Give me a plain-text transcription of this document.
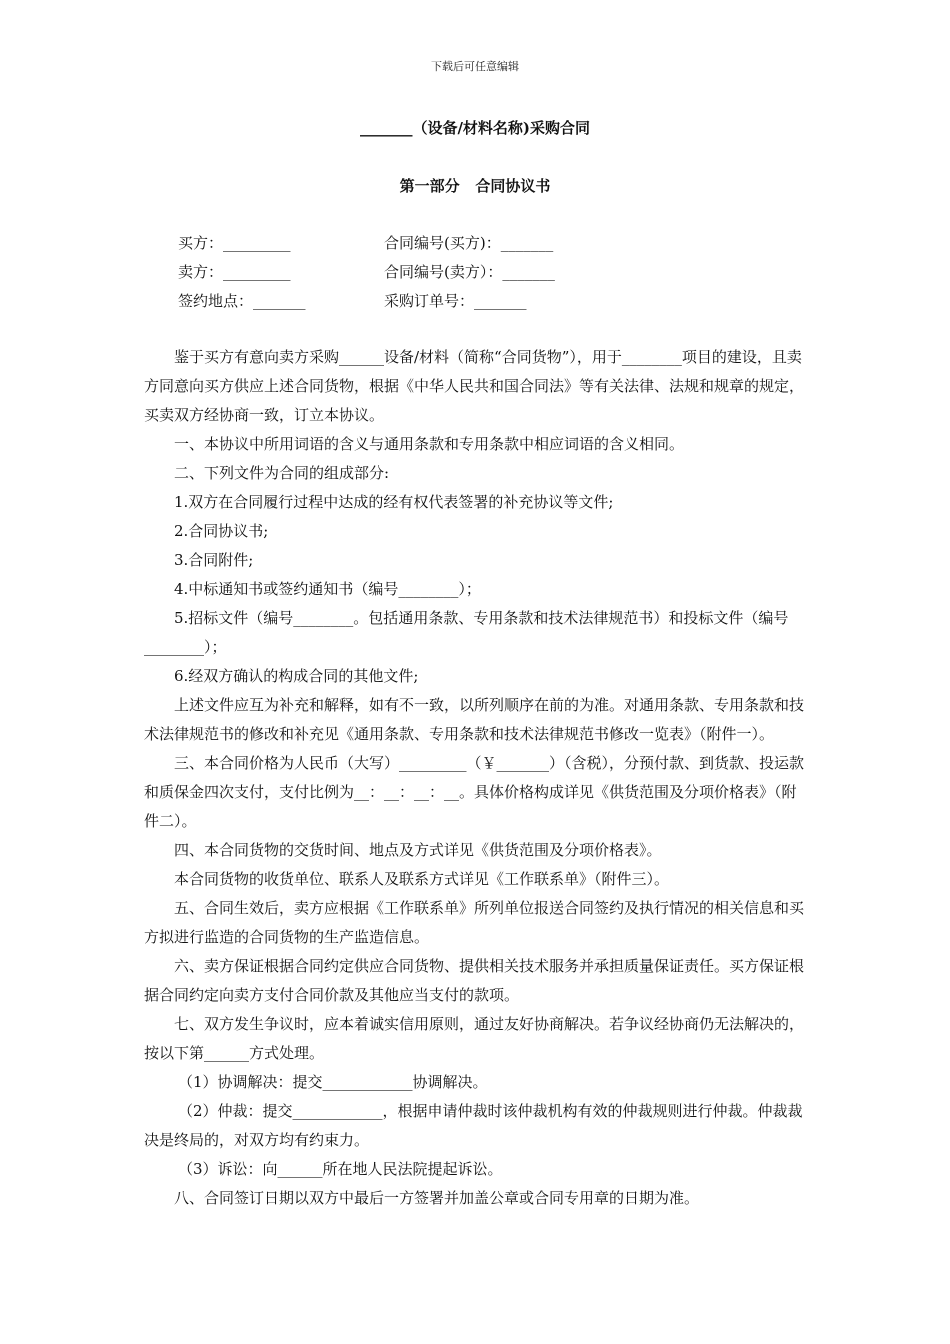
下载后可任意编辑
_______（设备/材料名称)采购合同
第一部分   合同协议书
买方：_________
卖方：_________
签约地点：_______
合同编号(买方)：_______
合同编号(卖方）：_______
采购订单号：_______

鉴于买方有意向卖方采购______设备/材料（简称“合同货物”），用于________项目的建设，且卖方同意向买方供应上述合同货物，根据《中华人民共和国合同法》等有关法律、法规和规章的规定，买卖双方经协商一致，订立本协议。

一、本协议中所用词语的含义与通用条款和专用条款中相应词语的含义相同。

二、下列文件为合同的组成部分:

1.双方在合同履行过程中达成的经有权代表签署的补充协议等文件;

2.合同协议书;

3.合同附件;

4.中标通知书或签约通知书（编号________）；

5.招标文件（编号________。包括通用条款、专用条款和技术法律规范书）和投标文件（编号________）；

6.经双方确认的构成合同的其他文件;

上述文件应互为补充和解释，如有不一致，以所列顺序在前的为准。对通用条款、专用条款和技术法律规范书的修改和补充见《通用条款、专用条款和技术法律规范书修改一览表》（附件一）。

三、本合同价格为人民币（大写）_________（￥_______）（含税），分预付款、到货款、投运款和质保金四次支付，支付比例为__：__：__：__。具体价格构成详见《供货范围及分项价格表》（附件二）。

四、本合同货物的交货时间、地点及方式详见《供货范围及分项价格表》。

本合同货物的收货单位、联系人及联系方式详见《工作联系单》（附件三）。

五、合同生效后，卖方应根据《工作联系单》所列单位报送合同签约及执行情况的相关信息和买方拟进行监造的合同货物的生产监造信息。

六、卖方保证根据合同约定供应合同货物、提供相关技术服务并承担质量保证责任。买方保证根据合同约定向卖方支付合同价款及其他应当支付的款项。

七、双方发生争议时，应本着诚实信用原则，通过友好协商解决。若争议经协商仍无法解决的，按以下第______方式处理。

（1）协调解决：提交____________协调解决。

（2）仲裁：提交____________，根据申请仲裁时该仲裁机构有效的仲裁规则进行仲裁。仲裁裁决是终局的，对双方均有约束力。

（3）诉讼：向______所在地人民法院提起诉讼。

八、合同签订日期以双方中最后一方签署并加盖公章或合同专用章的日期为准。
